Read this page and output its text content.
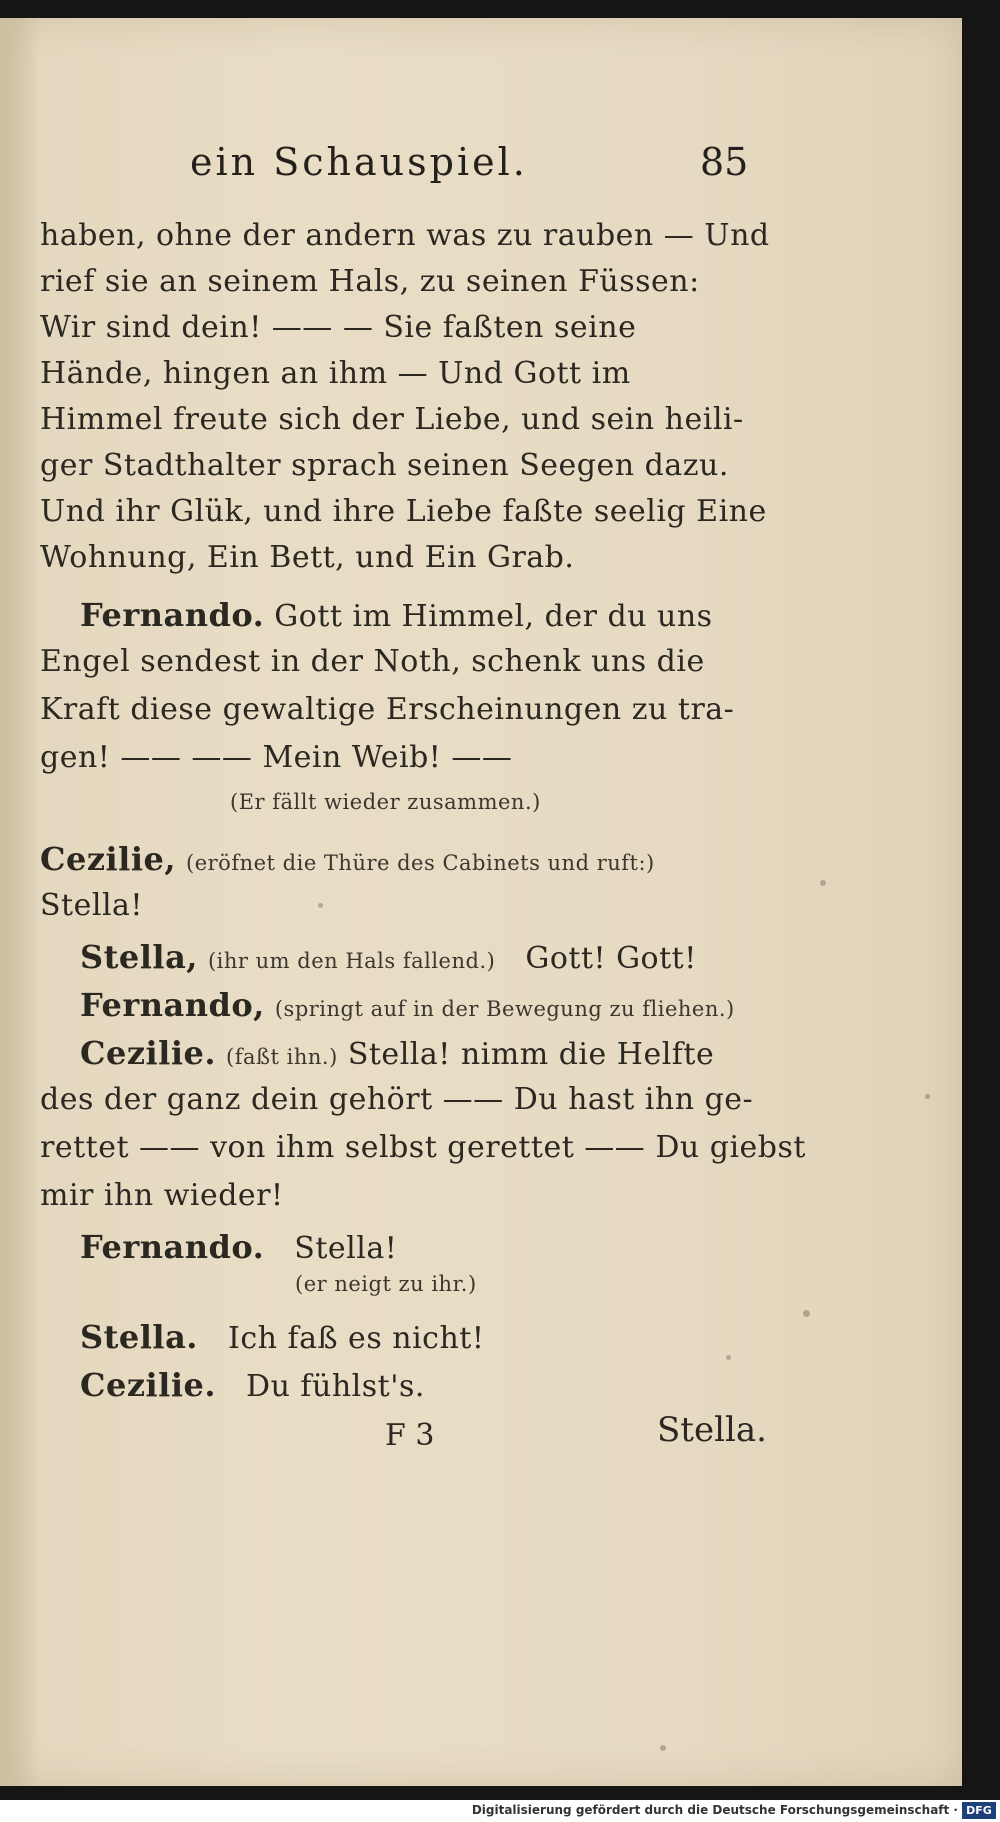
ein Schauspiel.	85
haben, ohne der andern was zu rauben — Und
rief sie an seinem Hals, zu seinen Füssen:
Wir sind dein! —— — Sie faßten seine
Hände, hingen an ihm — Und Gott im
Himmel freute sich der Liebe, und sein heili-
ger Stadthalter sprach seinen Seegen dazu.
Und ihr Glük, und ihre Liebe faßte seelig Eine
Wohnung, Ein Bett, und Ein Grab.
Fernando. Gott im Himmel, der du uns
Engel sendest in der Noth, schenk uns die
Kraft diese gewaltige Erscheinungen zu tra-
gen! —— —— Mein Weib! ——
(Er fällt wieder zusammen.)
Cezilie, (eröfnet die Thüre des Cabinets und ruft:)
Stella!
Stella, (ihr um den Hals fallend.) Gott! Gott!
Fernando, (springt auf in der Bewegung zu fliehen.)
Cezilie. (faßt ihn.) Stella! nimm die Helfte
des der ganz dein gehört —— Du hast ihn ge-
rettet —— von ihm selbst gerettet —— Du giebst
mir ihn wieder!
Fernando. Stella!
(er neigt zu ihr.)
Stella. Ich faß es nicht!
Cezilie. Du fühlst's.
F 3	Stella.
Digitalisierung gefördert durch die Deutsche Forschungsgemeinschaft · DFG
